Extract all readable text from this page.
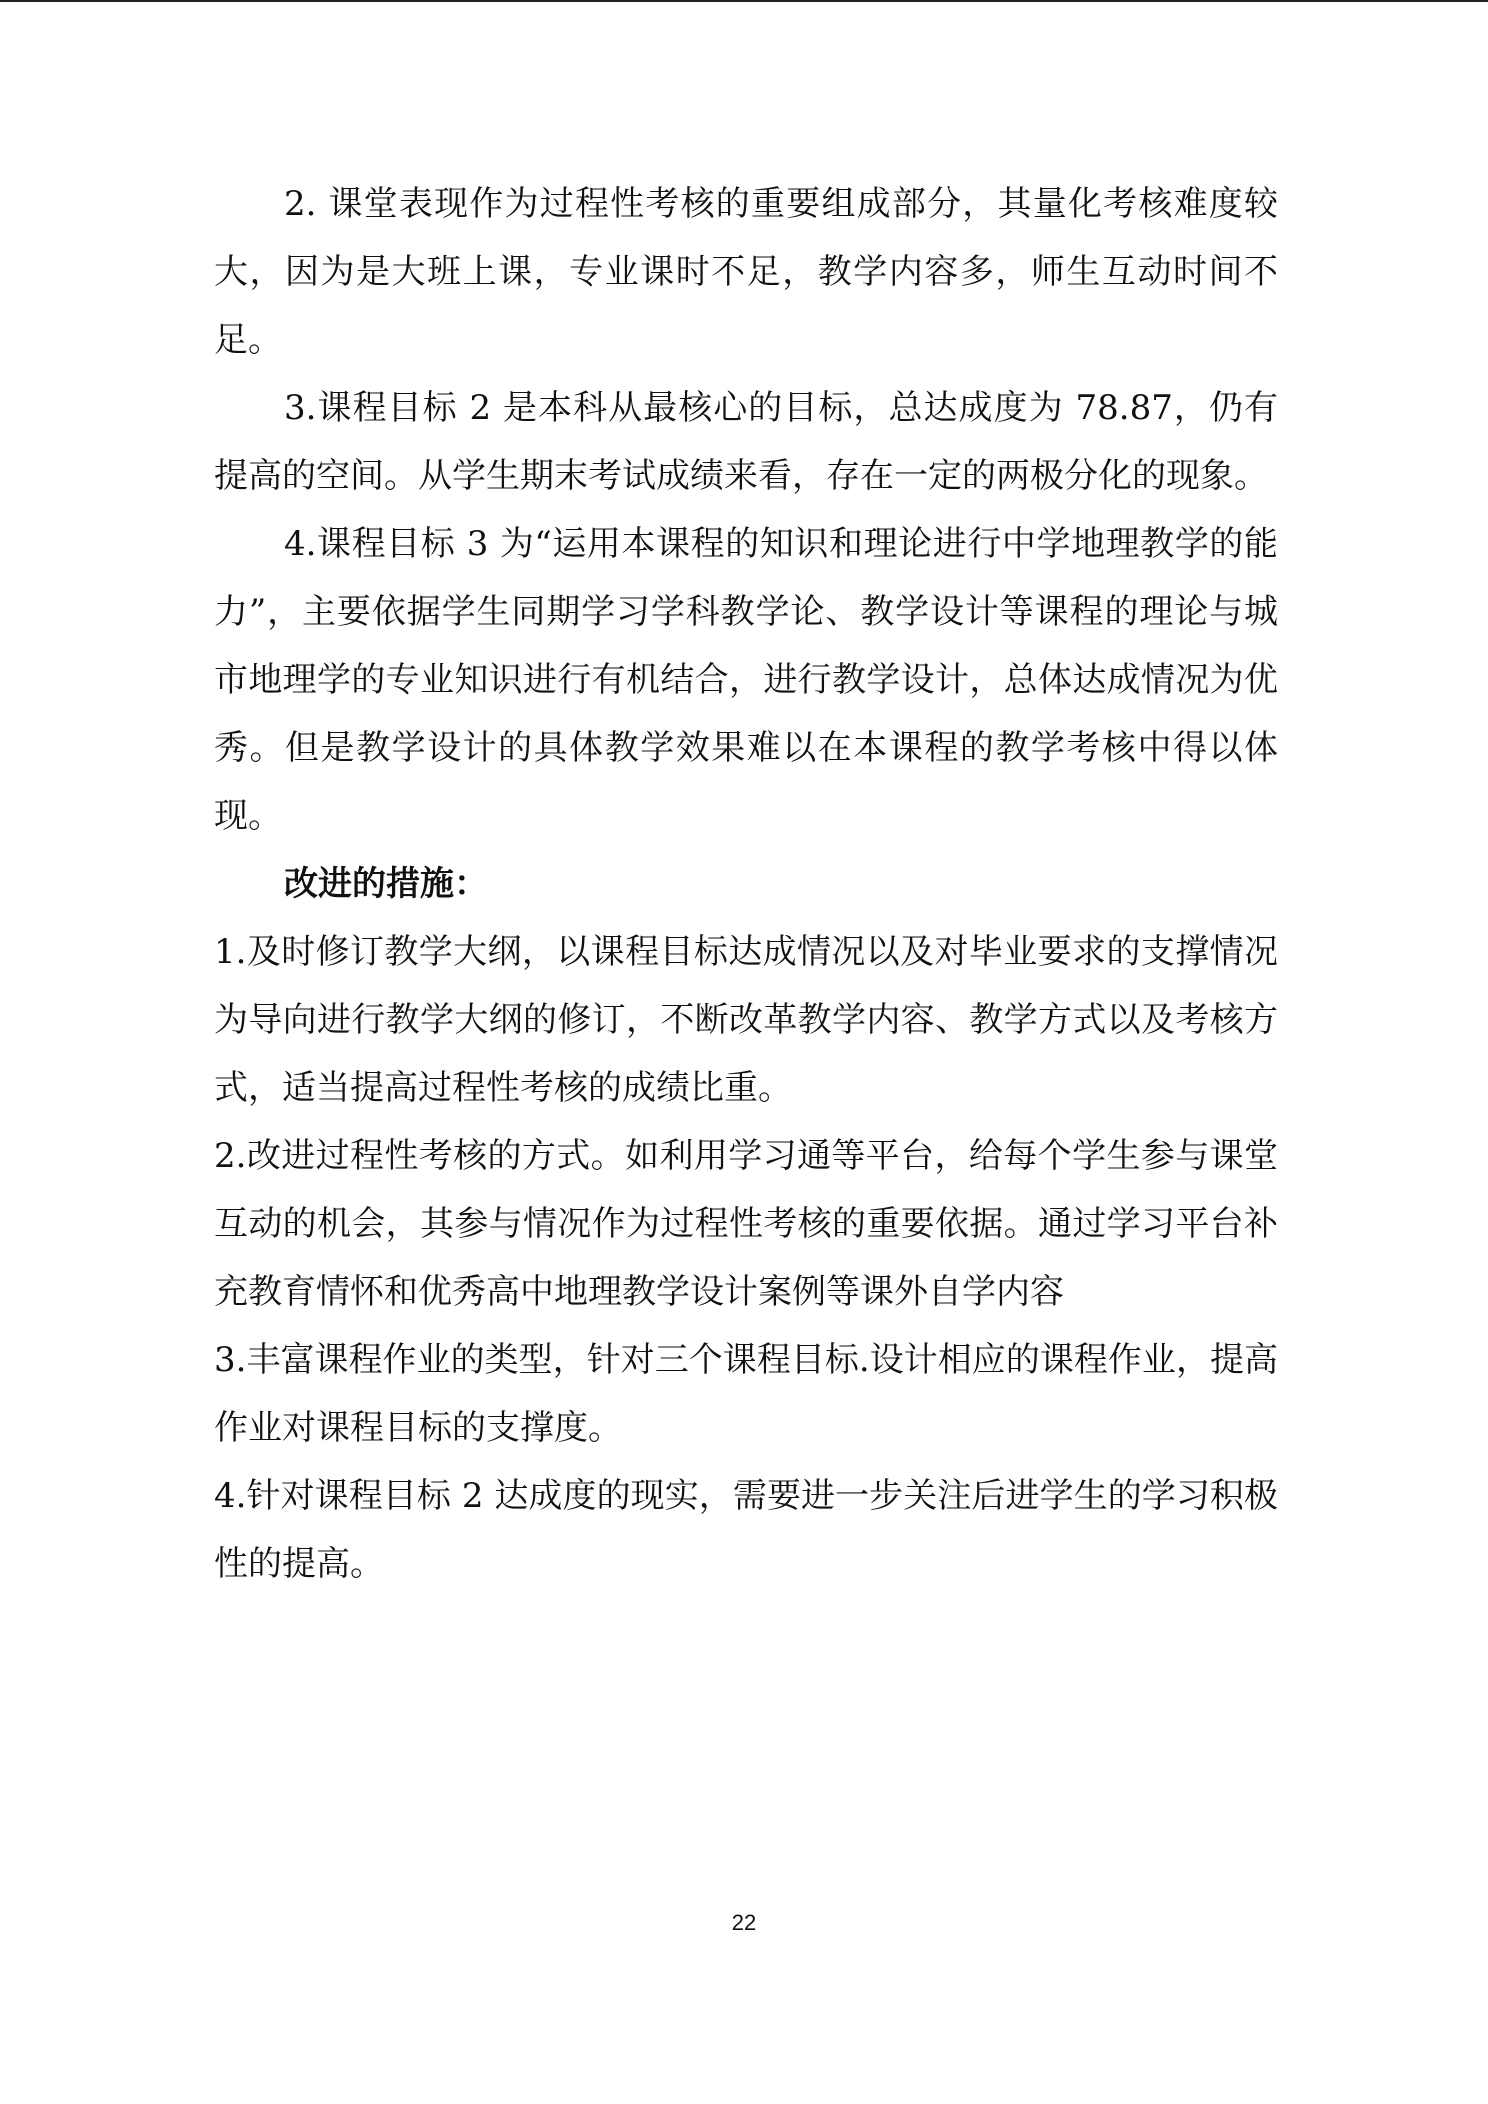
2. 课堂表现作为过程性考核的重要组成部分，其量化考核难度较大，因为是大班上课，专业课时不足，教学内容多，师生互动时间不足。

3.课程目标 2 是本科从最核心的目标，总达成度为 78.87，仍有提高的空间。从学生期末考试成绩来看，存在一定的两极分化的现象。

4.课程目标 3 为“运用本课程的知识和理论进行中学地理教学的能力”，主要依据学生同期学习学科教学论、教学设计等课程的理论与城市地理学的专业知识进行有机结合，进行教学设计，总体达成情况为优秀。但是教学设计的具体教学效果难以在本课程的教学考核中得以体现。

改进的措施：

1.及时修订教学大纲，以课程目标达成情况以及对毕业要求的支撑情况为导向进行教学大纲的修订，不断改革教学内容、教学方式以及考核方式，适当提高过程性考核的成绩比重。

2.改进过程性考核的方式。如利用学习通等平台，给每个学生参与课堂互动的机会，其参与情况作为过程性考核的重要依据。通过学习平台补充教育情怀和优秀高中地理教学设计案例等课外自学内容

3.丰富课程作业的类型，针对三个课程目标.设计相应的课程作业，提高作业对课程目标的支撑度。

4.针对课程目标 2 达成度的现实，需要进一步关注后进学生的学习积极性的提高。

22
